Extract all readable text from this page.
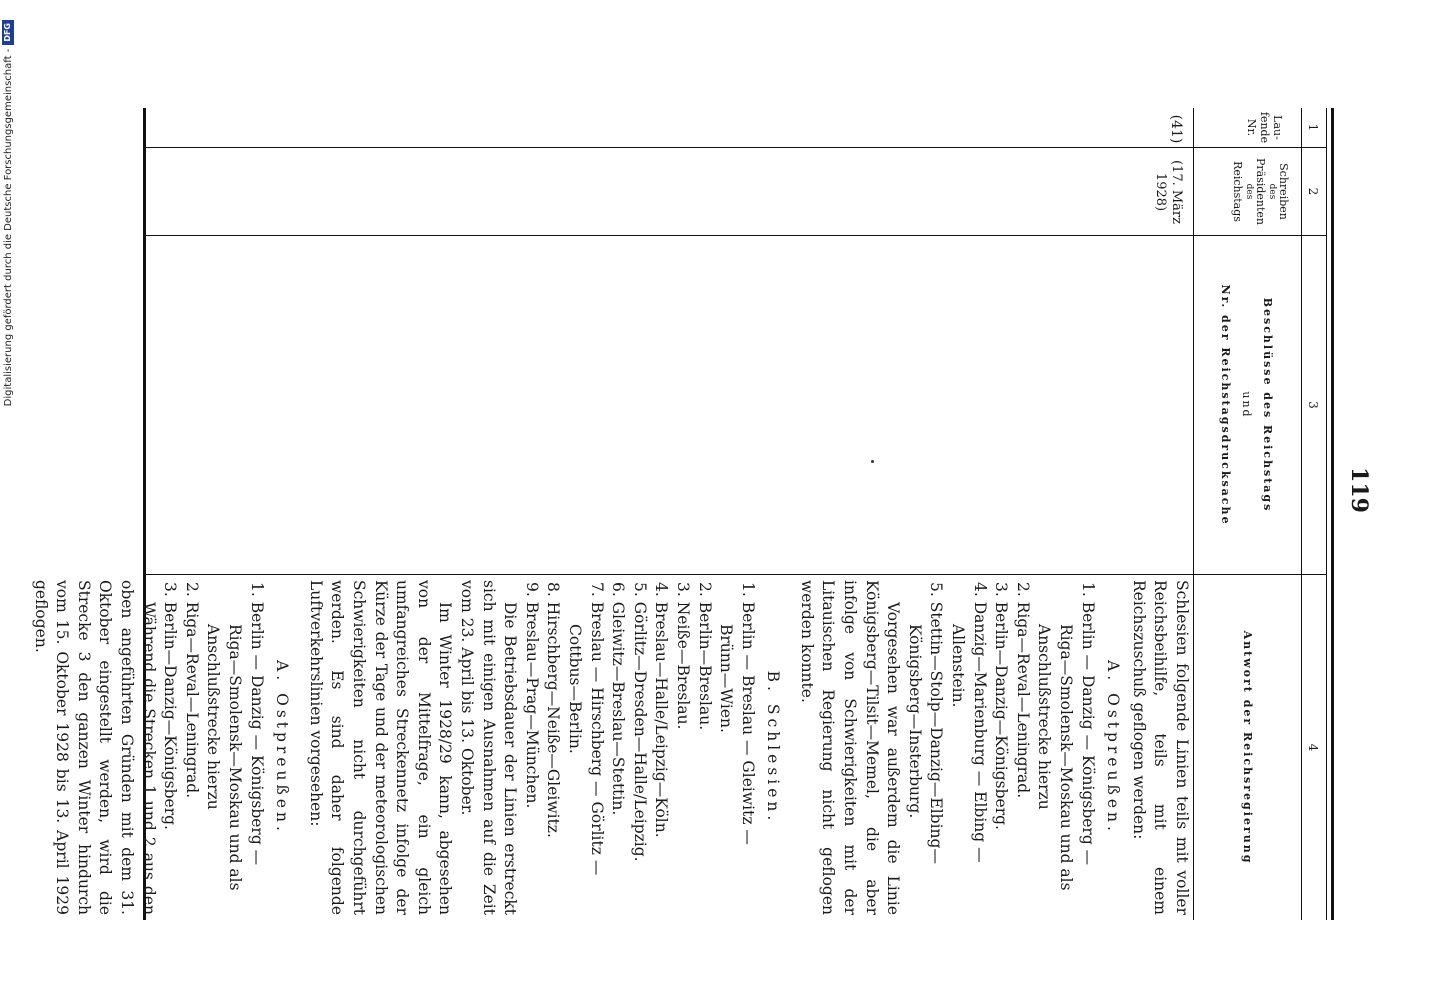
Digitalisierung gefördert durch die Deutsche Forschungsgemeinschaft -DFG
119
1
2
3
4
Lau-
fende
Nr.
Schreiben
des
Präsidenten
des
Reichstags
Beschlüsse des Reichstags
und
Nr. der Reichstagsdrucksache
Antwort der Reichsregierung
(41)
(17. März
1928)

Schlesien folgende Linien teils mit voller Reichsbeihilfe, teils mit einem Reichszuschuß geflogen werden:

A. Ostpreußen.

1. Berlin — Danzig — Königsberg —

Riga—Smolensk—Moskau und als Anschlußstrecke hierzu

2. Riga—Reval—Leningrad.

3. Berlin—Danzig—Königsberg.

4. Danzig—Marienburg — Elbing —

Allenstein.

5. Stettin—Stolp—Danzig—Elbing—

Königsberg—Insterburg.

Vorgesehen war außerdem die Linie Königsberg—Tilsit—Memel, die aber infolge von Schwierigkeiten mit der Litauischen Regierung nicht geflogen werden konnte.

B. Schlesien.

1. Berlin — Breslau — Gleiwitz —

Brünn—Wien.

2. Berlin—Breslau.

3. Neiße—Breslau.

4. Breslau—Halle/Leipzig—Köln.

5. Görlitz—Dresden—Halle/Leipzig.

6. Gleiwitz—Breslau—Stettin.

7. Breslau — Hirschberg — Görlitz —

Cottbus—Berlin.

8. Hirschberg—Neiße—Gleiwitz.

9. Breslau—Prag—München.

Die Betriebsdauer der Linien erstreckt sich mit einigen Ausnahmen auf die Zeit vom 23. April bis 13. Oktober.

Im Winter 1928/29 kann, abgesehen von der Mittelfrage, ein gleich umfangreiches Streckennetz infolge der Kürze der Tage und der meteorologischen Schwierigkeiten nicht durchgeführt werden. Es sind daher folgende Luftverkehrslinien vorgesehen:

A. Ostpreußen.

1. Berlin — Danzig — Königsberg —

Riga—Smolensk—Moskau und als Anschlußstrecke hierzu

2. Riga—Reval—Leningrad.

3. Berlin—Danzig—Königsberg.

Während die Strecken 1 und 2 aus den oben angeführten Gründen mit dem 31. Oktober eingestellt werden, wird die Strecke 3 den ganzen Winter hindurch vom 15. Oktober 1928 bis 13. April 1929 geflogen.
